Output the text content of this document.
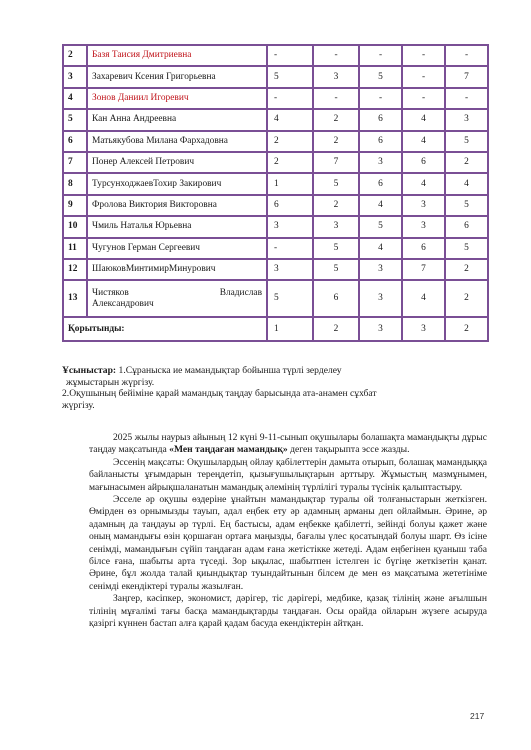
2	Базя Таисия Дмитриевна	-	-	-	-	-
3	Захаревич Ксения Григорьевна	5	3	5	-	7
4	Зонов Даниил Игоревич	-	-	-	-	-
5	Кан Анна Андреевна	4	2	6	4	3
6	Матьякубова Милана Фархадовна	2	2	6	4	5
7	Понер Алексей Петрович	2	7	3	6	2
8	ТурсунходжаевТохир Закирович	1	5	6	4	4
9	Фролова Виктория Викторовна	6	2	4	3	5
10	Чмиль Наталья Юрьевна	3	3	5	3	6
11	Чугунов Герман Сергеевич	-	5	4	6	5
12	ШаюковМинтимирМинурович	3	5	3	7	2
13	Чистяков Владислав
Александрович	5	6	3	4	2
Қорытынды:		1	2	3	3	2
Ұсыныстар: 1.Сұраныска ие мамандықтар бойынша түрлі зерделеу
жұмыстарын жүргізу.
2.Оқушының бейіміне қарай мамандық таңдау барысында ата-анамен сұхбат
жүргізу.

2025 жылы наурыз айының 12 күні 9-11-сынып оқушылары болашақта мамандықты дұрыс таңдау мақсатында «Мен таңдаған мамандық» деген тақырыпта эссе жазды.

Эссенің мақсаты: Оқушылардың ойлау қабілеттерін дамыта отырып, болашақ мамандыққа байланысты ұғымдарын тереңдетіп, қызығушылықтарын арттыру. Жұмыстың мазмұнымен, мағынасымен айрықшаланатын мамандық әлемінің түрлілігі туралы түсінік қалыптастыру.

Эсселе әр оқушы өздеріне ұнайтын мамандықтар туралы ой толғаныстарын жеткізген. Өмірден өз орнымызды тауып, адал еңбек ету әр адамның арманы деп ойлаймын. Әрине, әр адамның да таңдауы әр түрлі. Ең бастысы, адам еңбекке қабілетті, зейінді болуы қажет және оның мамандығы өзін қоршаған ортаға маңызды, бағалы үлес қосатындай болуы шарт. Өз ісіне сенімді, мамандығын сүйіп таңдаған адам ғана жетістікке жетеді. Адам еңбегінен қуаныш таба білсе ғана, шабыты арта түседі. Зор ықылас, шабытпен істелген іс бүгіңе жеткізетін қанат. Әрине, бұл жолда талай қиындықтар туындайтынын білсем де мен өз мақсатыма жететініме сенімді екендіктері туралы жазылған.

Заңгер, кәсіпкер, экономист, дәрігер, тіс дәрігері, медбике, қазақ тілінің және ағылшын тілінің мұғалімі тағы басқа мамандықтарды таңдаған. Осы орайда ойларын жүзеге асыруда қазіргі күннен бастап алға қарай қадам басуда екендіктерін айтқан.

217
